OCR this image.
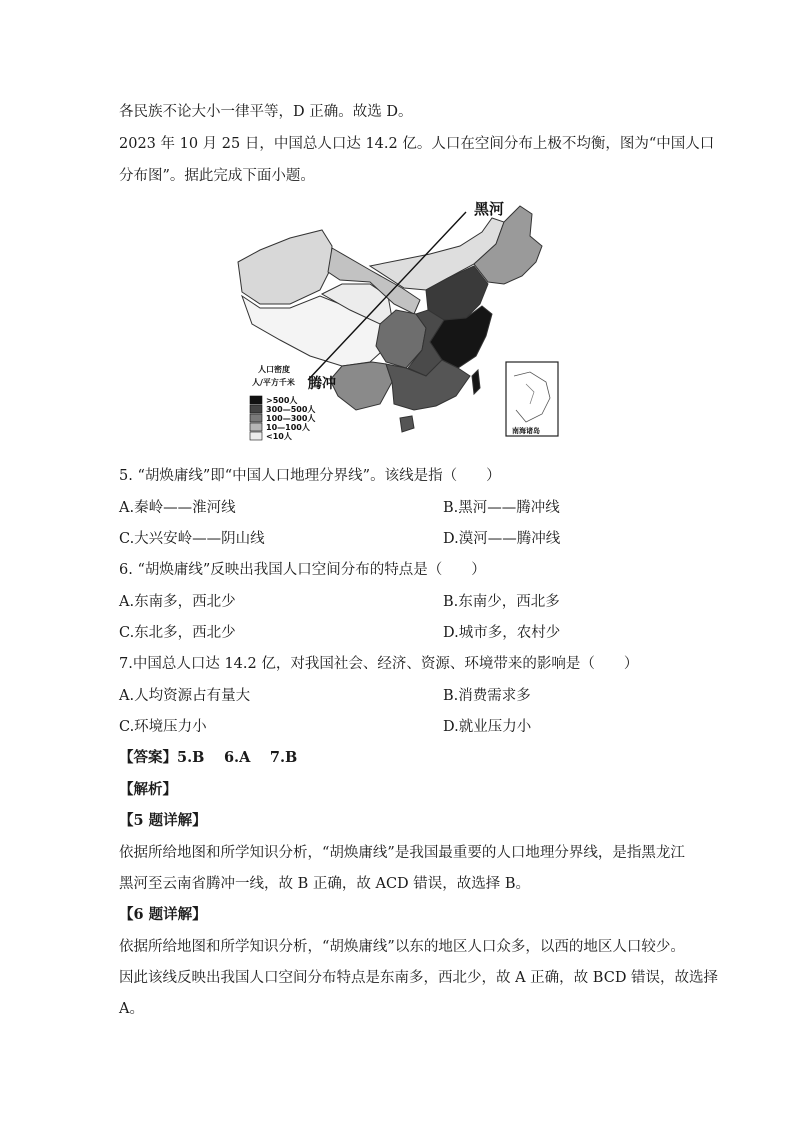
各民族不论大小一律平等，D 正确。故选 D。
2023 年 10 月 25 日，中国总人口达 14.2 亿。人口在空间分布上极不均衡，图为“中国人口
分布图”。据此完成下面小题。
黑河
腾冲
人口密度
人/平方千米
>500人
300—500人
100—300人
10—100人
<10人
南海诸岛
5. “胡焕庸线”即“中国人口地理分界线”。该线是指（　　）
A.秦岭——淮河线	B.黑河——腾冲线
C.大兴安岭——阴山线	D.漠河——腾冲线
6. “胡焕庸线”反映出我国人口空间分布的特点是（　　）
A.东南多，西北少	B.东南少，西北多
C.东北多，西北少	D.城市多，农村少
7.中国总人口达 14.2 亿，对我国社会、经济、资源、环境带来的影响是（　　）
A.人均资源占有量大	B.消费需求多
C.环境压力小	D.就业压力小
【答案】5.B　 6.A　 7.B
【解析】
【5 题详解】
依据所给地图和所学知识分析，“胡焕庸线”是我国最重要的人口地理分界线，是指黑龙江
黑河至云南省腾冲一线，故 B 正确，故 ACD 错误，故选择 B。
【6 题详解】
依据所给地图和所学知识分析，“胡焕庸线”以东的地区人口众多，以西的地区人口较少。
因此该线反映出我国人口空间分布特点是东南多，西北少，故 A 正确，故 BCD 错误，故选择
A。
